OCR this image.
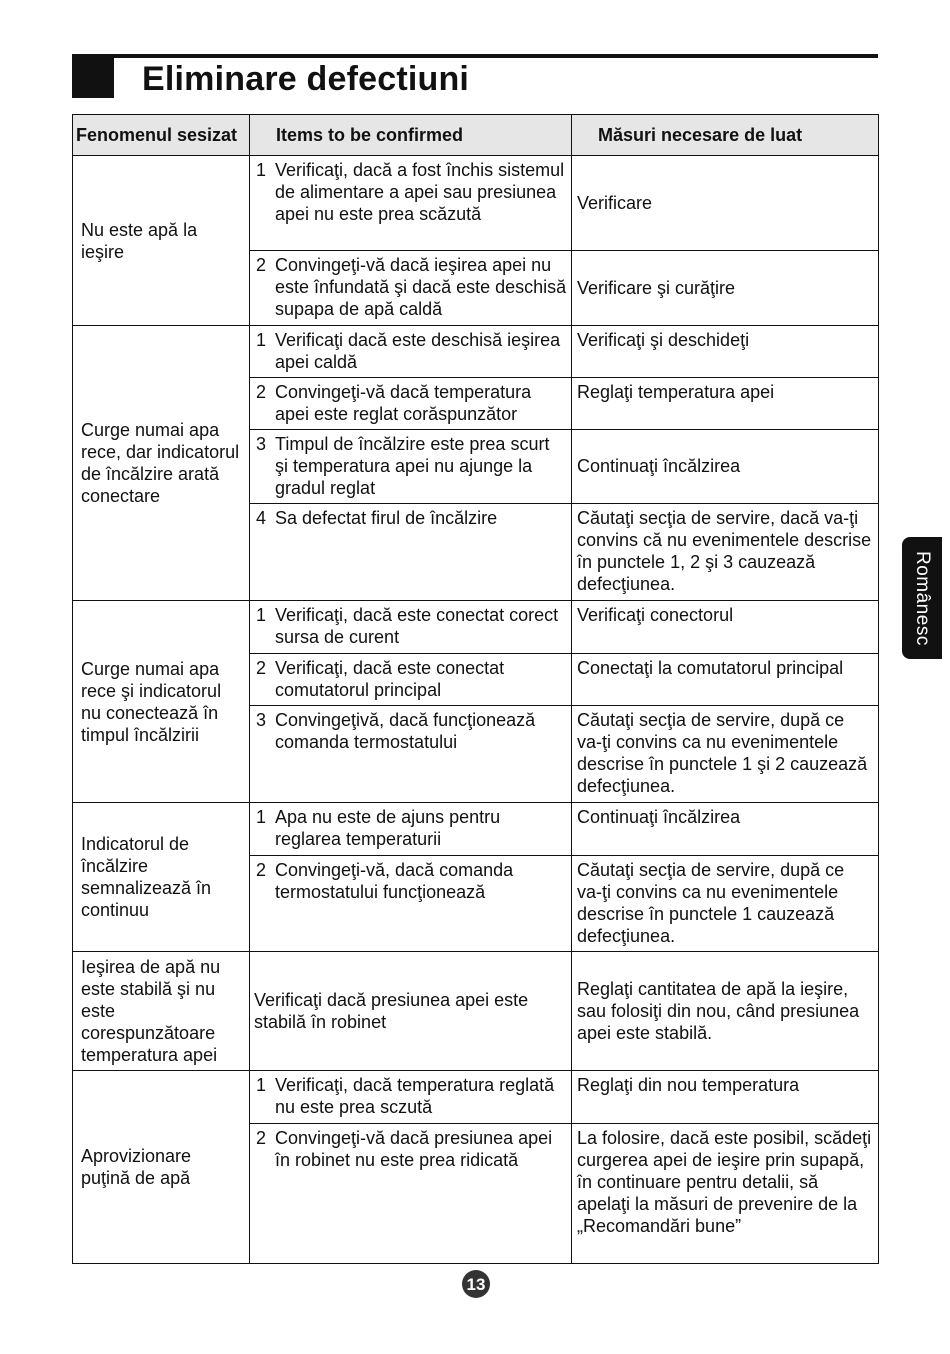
Eliminare defectiuni
Fenomenul sesizat	Items to be confirmed	Măsuri necesare de luat
Nu este apă la ieşire	1 Verificaţi, dacă a fost închis sistemul de alimentare a apei sau presiunea apei nu este prea scăzută	Verificare

	2 Convingeţi-vă dacă ieşirea apei nu este înfundată şi dacă este deschisă supapa de apă caldă	Verificare şi curăţire
Curge numai apa rece, dar indicatorul de încălzire arată conectare	1 Verificaţi dacă este deschisă ieşirea apei caldă	Verificaţi şi deschideţi

	2 Convingeţi-vă dacă temperatura apei este reglat corăspunzător	Reglaţi temperatura apei

	3 Timpul de încălzire este prea scurt şi temperatura apei nu ajunge la gradul reglat	Continuaţi încălzirea

	4 Sa defectat firul de încălzire	Căutaţi secţia de servire, dacă va-ţi convins că nu evenimentele descrise în punctele 1, 2 şi 3 cauzează defecţiunea.
Curge numai apa rece şi indicatorul nu conectează în timpul încălzirii	1 Verificaţi, dacă este conectat corect sursa de curent	Verificaţi conectorul

	2 Verificaţi, dacă este conectat comutatorul principal	Conectaţi la comutatorul principal

	3 Convingeţivă, dacă funcţionează comanda termostatului	Căutaţi secţia de servire, după ce va-ţi convins ca nu evenimentele descrise în punctele 1 şi 2 cauzează defecţiunea.
Indicatorul de încălzire semnalizează în continuu	1 Apa nu este de ajuns pentru reglarea temperaturii	Continuaţi încălzirea

	2 Convingeţi-vă, dacă comanda termostatului funcţionează	Căutaţi secţia de servire, după ce va-ţi convins ca nu evenimentele descrise în punctele 1 cauzează defecţiunea.
Ieşirea de apă nu este stabilă şi nu este corespunzătoare temperatura apei	Verificaţi dacă presiunea apei este stabilă în robinet	Reglaţi cantitatea de apă la ieşire, sau folosiţi din nou, când presiunea apei este stabilă.
Aprovizionare puţină de apă	1 Verificaţi, dacă temperatura reglată nu este prea sczută	Reglaţi din nou temperatura

	2 Convingeţi-vă dacă presiunea apei în robinet nu este prea ridicată	La folosire, dacă este posibil, scădeţi curgerea apei de ieşire prin supapă, în continuare pentru detalii, să apelaţi la măsuri de prevenire de la „Recomandări bune”
13
Românesc
